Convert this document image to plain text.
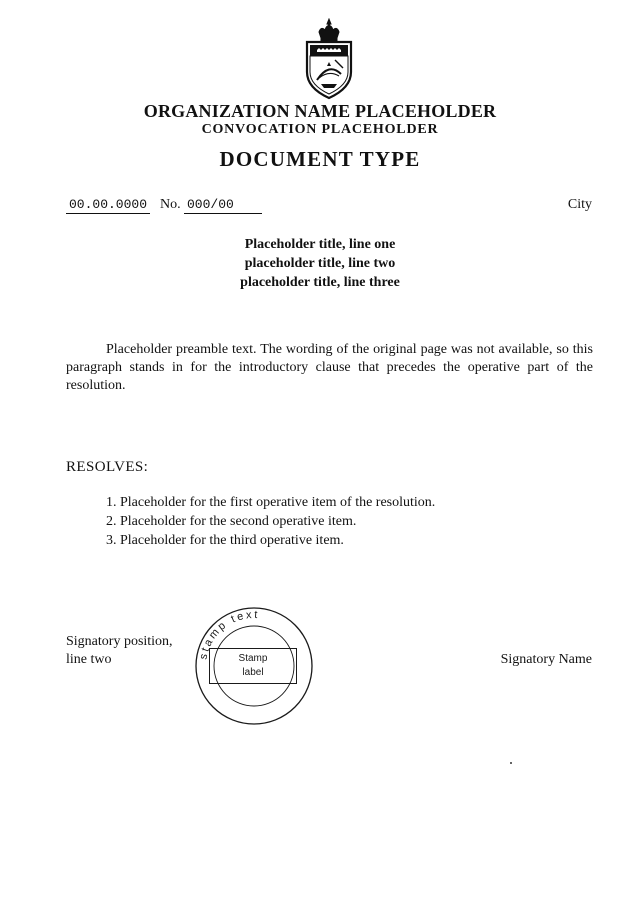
ORGANIZATION NAME PLACEHOLDER
CONVOCATION PLACEHOLDER
DOCUMENT TYPE
00.00.0000 No. 000/00	City
Placeholder title, line one
placeholder title, line two
placeholder title, line three

Placeholder preamble text. The wording of the original page was not available, so this paragraph stands in for the introductory clause that precedes the operative part of the resolution.

RESOLVES:
1. Placeholder for the first operative item of the resolution.
2. Placeholder for the second operative item.
3. Placeholder for the third operative item.
Signatory position,
line two	Signatory Name
stamp text
Stamp
label
